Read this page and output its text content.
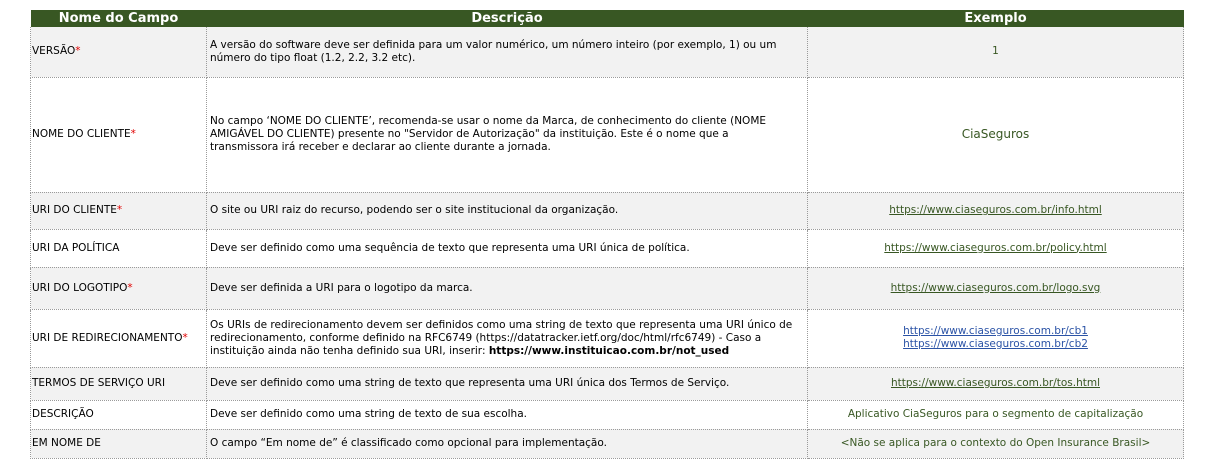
Nome do Campo	Descrição	Exemplo
VERSÃO*	A versão do software deve ser definida para um valor numérico, um número inteiro (por exemplo, 1) ou um número do tipo float (1.2, 2.2, 3.2 etc).	1
NOME DO CLIENTE*	No campo ‘NOME DO CLIENTE’, recomenda-se usar o nome da Marca, de conhecimento do cliente (NOME AMIGÁVEL DO CLIENTE) presente no "Servidor de Autorização" da instituição. Este é o nome que a transmissora irá receber e declarar ao cliente durante a jornada.	CiaSeguros
URI DO CLIENTE*	O site ou URI raiz do recurso, podendo ser o site institucional da organização.	https://www.ciaseguros.com.br/info.html
URI DA POLÍTICA	Deve ser definido como uma sequência de texto que representa uma URI única de política.	https://www.ciaseguros.com.br/policy.html
URI DO LOGOTIPO*	Deve ser definida a URI para o logotipo da marca.	https://www.ciaseguros.com.br/logo.svg
URI DE REDIRECIONAMENTO*	Os URIs de redirecionamento devem ser definidos como uma string de texto que representa uma URI único de redirecionamento, conforme definido na RFC6749 (https://datatracker.ietf.org/doc/html/rfc6749) - Caso a instituição ainda não tenha definido sua URI, inserir: https://www.instituicao.com.br/not_used	https://www.ciaseguros.com.br/cb1
https://www.ciaseguros.com.br/cb2

TERMOS DE SERVIÇO URI	Deve ser definido como uma string de texto que representa uma URI única dos Termos de Serviço.	https://www.ciaseguros.com.br/tos.html
DESCRIÇÃO	Deve ser definido como uma string de texto de sua escolha.	Aplicativo CiaSeguros para o segmento de capitalização
EM NOME DE	O campo “Em nome de” é classificado como opcional para implementação.	<Não se aplica para o contexto do Open Insurance Brasil>
